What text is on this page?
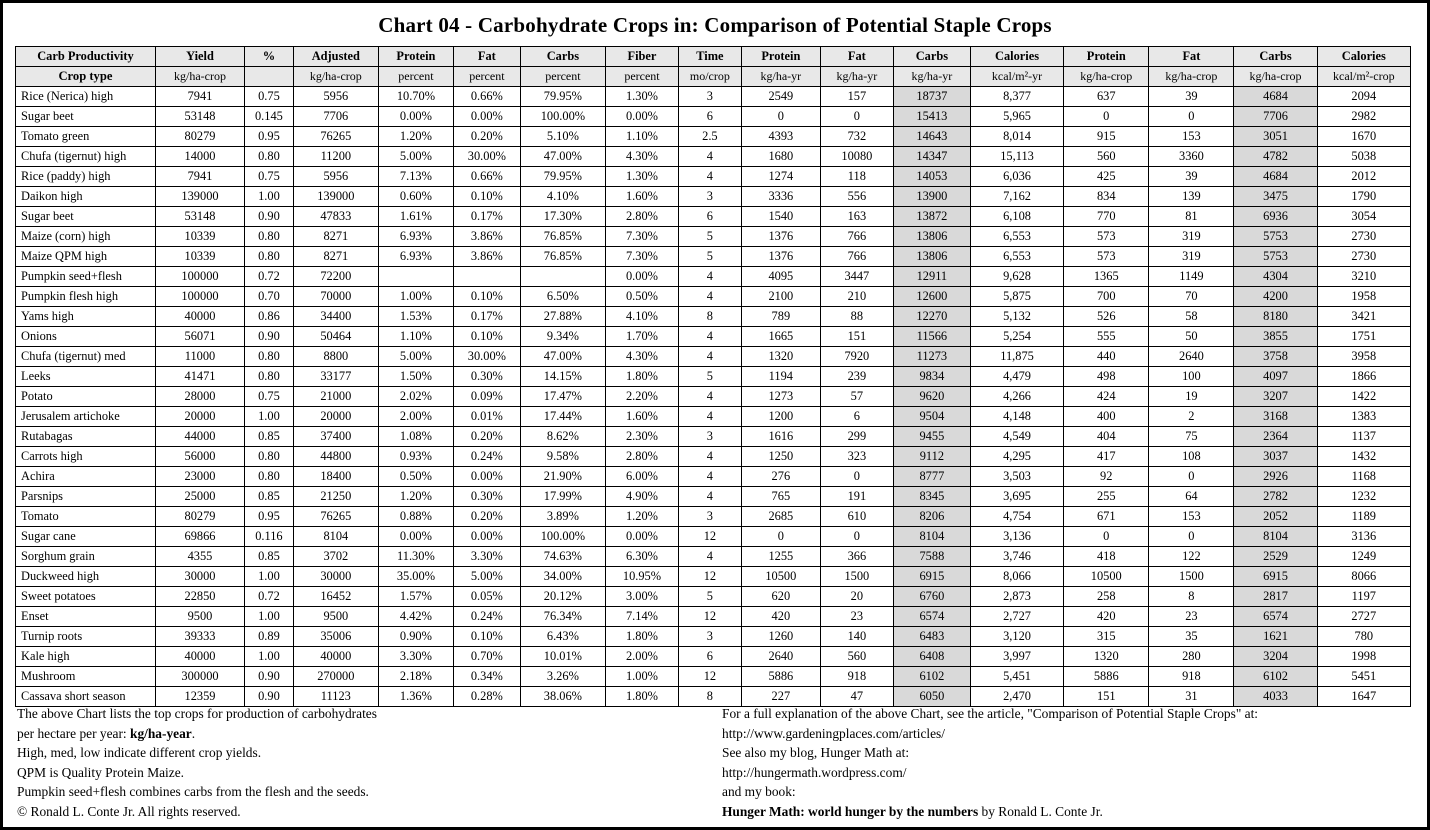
Chart 04 - Carbohydrate Crops in: Comparison of Potential Staple Crops
Carb Productivity	Yield	%	Adjusted	Protein	Fat	Carbs	Fiber	Time	Protein	Fat	Carbs	Calories	Protein	Fat	Carbs	Calories
Crop type	kg/ha-crop		kg/ha-crop	percent	percent	percent	percent	mo/crop	kg/ha-yr	kg/ha-yr	kg/ha-yr	kcal/m²-yr	kg/ha-crop	kg/ha-crop	kg/ha-crop	kcal/m²-crop
Rice (Nerica) high	7941	0.75	5956	10.70%	0.66%	79.95%	1.30%	3	2549	157	18737	8,377	637	39	4684	2094
Sugar beet	53148	0.145	7706	0.00%	0.00%	100.00%	0.00%	6	0	0	15413	5,965	0	0	7706	2982
Tomato green	80279	0.95	76265	1.20%	0.20%	5.10%	1.10%	2.5	4393	732	14643	8,014	915	153	3051	1670
Chufa (tigernut) high	14000	0.80	11200	5.00%	30.00%	47.00%	4.30%	4	1680	10080	14347	15,113	560	3360	4782	5038
Rice (paddy) high	7941	0.75	5956	7.13%	0.66%	79.95%	1.30%	4	1274	118	14053	6,036	425	39	4684	2012
Daikon high	139000	1.00	139000	0.60%	0.10%	4.10%	1.60%	3	3336	556	13900	7,162	834	139	3475	1790
Sugar beet	53148	0.90	47833	1.61%	0.17%	17.30%	2.80%	6	1540	163	13872	6,108	770	81	6936	3054
Maize (corn) high	10339	0.80	8271	6.93%	3.86%	76.85%	7.30%	5	1376	766	13806	6,553	573	319	5753	2730
Maize QPM high	10339	0.80	8271	6.93%	3.86%	76.85%	7.30%	5	1376	766	13806	6,553	573	319	5753	2730
Pumpkin seed+flesh	100000	0.72	72200				0.00%	4	4095	3447	12911	9,628	1365	1149	4304	3210
Pumpkin flesh high	100000	0.70	70000	1.00%	0.10%	6.50%	0.50%	4	2100	210	12600	5,875	700	70	4200	1958
Yams high	40000	0.86	34400	1.53%	0.17%	27.88%	4.10%	8	789	88	12270	5,132	526	58	8180	3421
Onions	56071	0.90	50464	1.10%	0.10%	9.34%	1.70%	4	1665	151	11566	5,254	555	50	3855	1751
Chufa (tigernut) med	11000	0.80	8800	5.00%	30.00%	47.00%	4.30%	4	1320	7920	11273	11,875	440	2640	3758	3958
Leeks	41471	0.80	33177	1.50%	0.30%	14.15%	1.80%	5	1194	239	9834	4,479	498	100	4097	1866
Potato	28000	0.75	21000	2.02%	0.09%	17.47%	2.20%	4	1273	57	9620	4,266	424	19	3207	1422
Jerusalem artichoke	20000	1.00	20000	2.00%	0.01%	17.44%	1.60%	4	1200	6	9504	4,148	400	2	3168	1383
Rutabagas	44000	0.85	37400	1.08%	0.20%	8.62%	2.30%	3	1616	299	9455	4,549	404	75	2364	1137
Carrots high	56000	0.80	44800	0.93%	0.24%	9.58%	2.80%	4	1250	323	9112	4,295	417	108	3037	1432
Achira	23000	0.80	18400	0.50%	0.00%	21.90%	6.00%	4	276	0	8777	3,503	92	0	2926	1168
Parsnips	25000	0.85	21250	1.20%	0.30%	17.99%	4.90%	4	765	191	8345	3,695	255	64	2782	1232
Tomato	80279	0.95	76265	0.88%	0.20%	3.89%	1.20%	3	2685	610	8206	4,754	671	153	2052	1189
Sugar cane	69866	0.116	8104	0.00%	0.00%	100.00%	0.00%	12	0	0	8104	3,136	0	0	8104	3136
Sorghum grain	4355	0.85	3702	11.30%	3.30%	74.63%	6.30%	4	1255	366	7588	3,746	418	122	2529	1249
Duckweed high	30000	1.00	30000	35.00%	5.00%	34.00%	10.95%	12	10500	1500	6915	8,066	10500	1500	6915	8066
Sweet potatoes	22850	0.72	16452	1.57%	0.05%	20.12%	3.00%	5	620	20	6760	2,873	258	8	2817	1197
Enset	9500	1.00	9500	4.42%	0.24%	76.34%	7.14%	12	420	23	6574	2,727	420	23	6574	2727
Turnip roots	39333	0.89	35006	0.90%	0.10%	6.43%	1.80%	3	1260	140	6483	3,120	315	35	1621	780
Kale high	40000	1.00	40000	3.30%	0.70%	10.01%	2.00%	6	2640	560	6408	3,997	1320	280	3204	1998
Mushroom	300000	0.90	270000	2.18%	0.34%	3.26%	1.00%	12	5886	918	6102	5,451	5886	918	6102	5451
Cassava short season	12359	0.90	11123	1.36%	0.28%	38.06%	1.80%	8	227	47	6050	2,470	151	31	4033	1647
The above Chart lists the top crops for production of carbohydrates
per hectare per year: kg/ha-year.
High, med, low indicate different crop yields.
QPM is Quality Protein Maize.
Pumpkin seed+flesh combines carbs from the flesh and the seeds.
© Ronald L. Conte Jr. All rights reserved.
For a full explanation of the above Chart, see the article, "Comparison of Potential Staple Crops" at:
http://www.gardeningplaces.com/articles/
See also my blog, Hunger Math at:
http://hungermath.wordpress.com/
and my book:
Hunger Math: world hunger by the numbers by Ronald L. Conte Jr.
